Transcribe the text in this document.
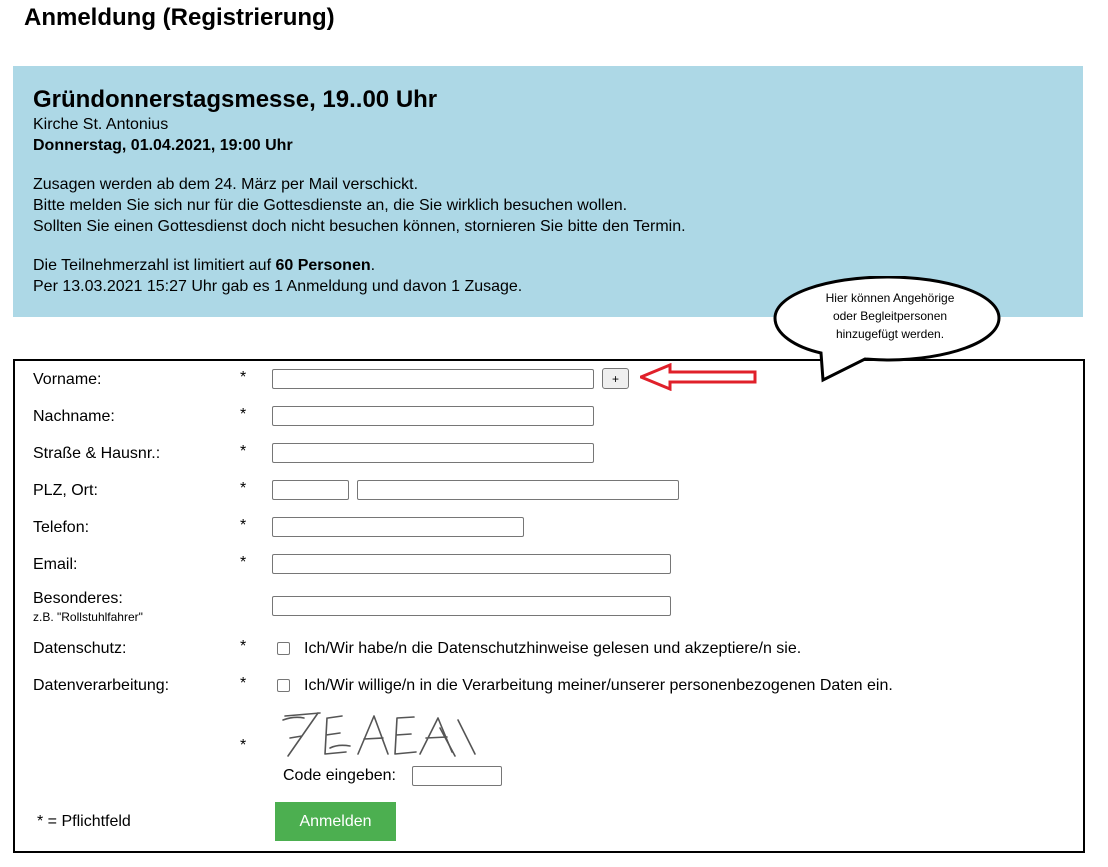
Anmeldung (Registrierung)
Gründonnerstagsmesse, 19..00 Uhr
Kirche St. Antonius
Donnerstag, 01.04.2021, 19:00 Uhr
Zusagen werden ab dem 24. März per Mail verschickt.
Bitte melden Sie sich nur für die Gottesdienste an, die Sie wirklich besuchen wollen.
Sollten Sie einen Gottesdienst doch nicht besuchen können, stornieren Sie bitte den Termin.
Die Teilnehmerzahl ist limitiert auf 60 Personen.
Per 13.03.2021 15:27 Uhr gab es 1 Anmeldung und davon 1 Zusage.
Vorname:	*	+
Nachname:	*
Straße & Hausnr.:	*
PLZ, Ort:	*
Telefon:	*
Email:	*
Besonderes:
z.B. "Rollstuhlfahrer"
Datenschutz:	*	Ich/Wir habe/n die Datenschutzhinweise gelesen und akzeptiere/n sie.
Datenverarbeitung:	*	Ich/Wir willige/n in die Verarbeitung meiner/unserer personenbezogenen Daten ein.
*
Code eingeben:
* = Pflichtfeld	Anmelden
Hier können Angehörige
oder Begleitpersonen
hinzugefügt werden.
